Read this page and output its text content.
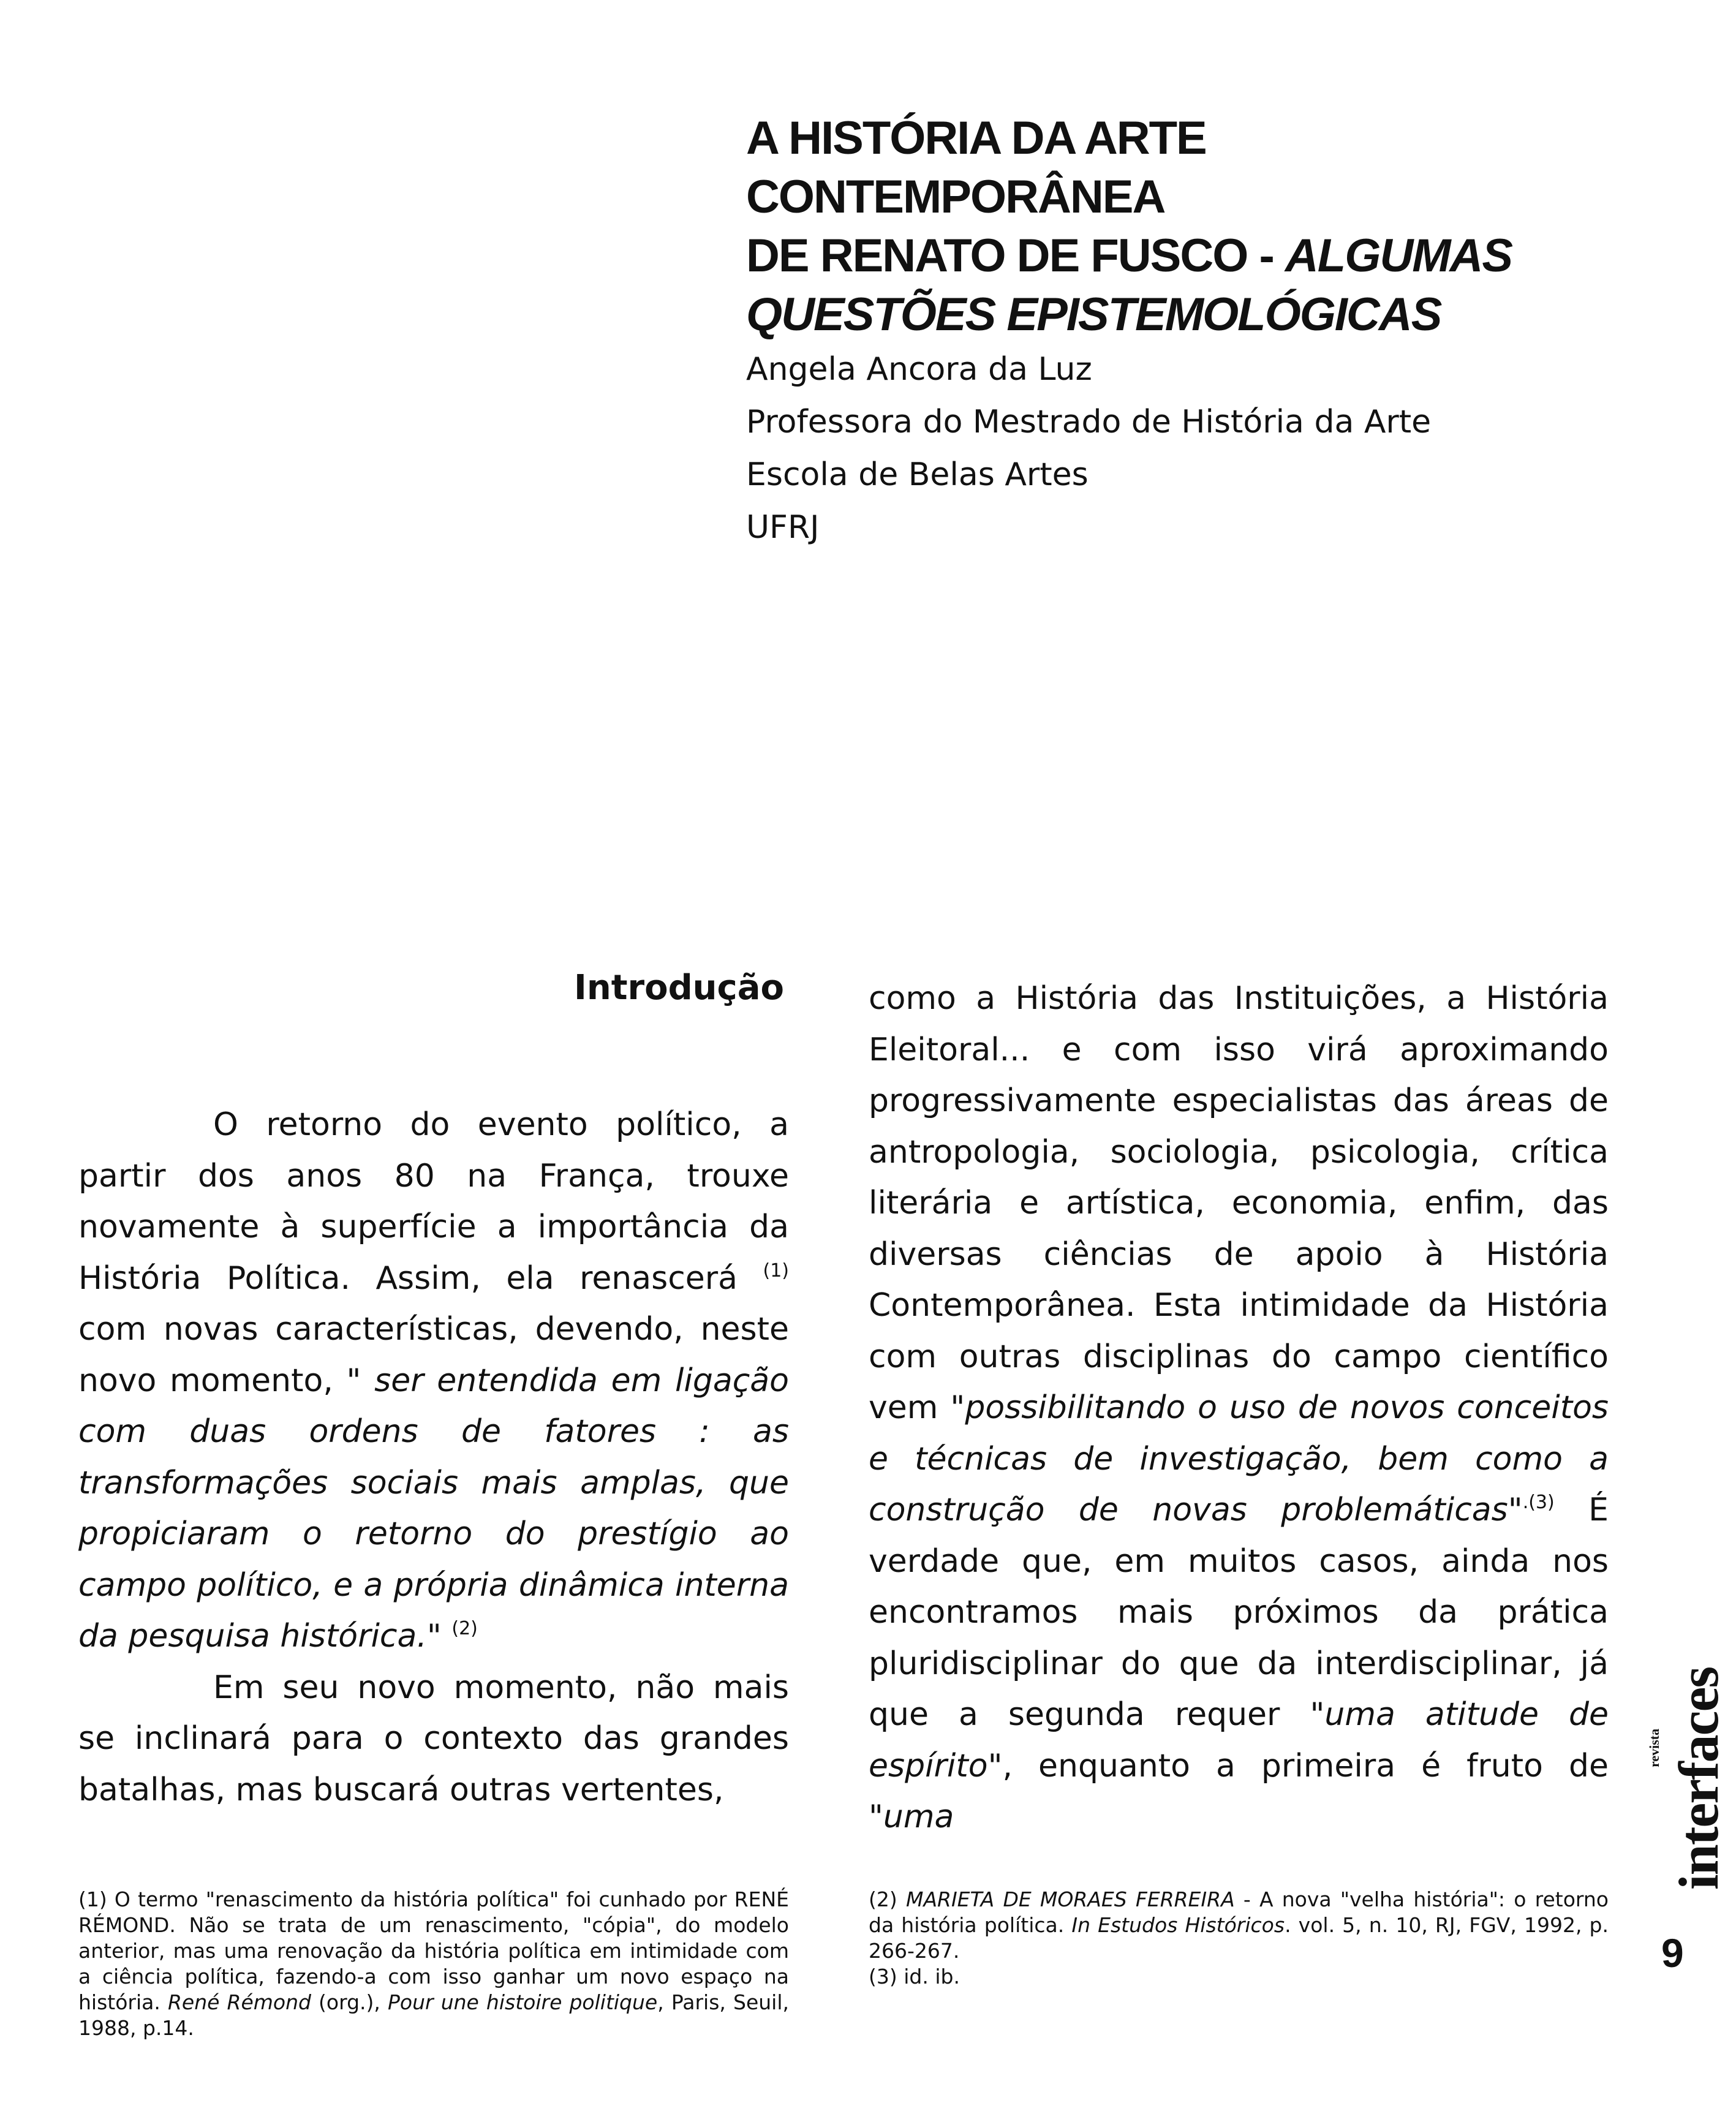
A HISTÓRIA DA ARTE CONTEMPORÂNEA
DE RENATO DE FUSCO - ALGUMAS
QUESTÕES EPISTEMOLÓGICAS
Angela Ancora da Luz
Professora do Mestrado de História da Arte
Escola de Belas Artes
UFRJ
Introdução

O retorno do evento político, a partir dos anos 80 na França, trouxe novamente à superfície a importância da História Política. Assim, ela renascerá $^{(1)}$ com novas características, devendo, neste novo momento, " ser entendida em ligação com duas ordens de fatores : as transformações sociais mais amplas, que propiciaram o retorno do prestígio ao campo político, e a própria dinâmica interna da pesquisa histórica." $^{(2)}$

Em seu novo momento, não mais se inclinará para o contexto das grandes batalhas, mas buscará outras vertentes,

como a História das Instituições, a História Eleitoral... e com isso virá aproximando progressivamente especialistas das áreas de antropologia, sociologia, psicologia, crítica literária e artística, economia, enfim, das diversas ciências de apoio à História Contemporânea. Esta intimidade da História com outras disciplinas do campo científico vem "possibilitando o uso de novos conceitos e técnicas de investigação, bem como a construção de novas problemáticas"$^{.(3)}$ É verdade que, em muitos casos, ainda nos encontramos mais próximos da prática pluridisciplinar do que da interdisciplinar, já que a segunda requer "uma atitude de espírito", enquanto a primeira é fruto de "uma

(1) O termo "renascimento da história política" foi cunhado por RENÉ RÉMOND. Não se trata de um renascimento, "cópia", do modelo anterior, mas uma renovação da história política em intimidade com a ciência política, fazendo-a com isso ganhar um novo espaço na história. René Rémond (org.), Pour une histoire politique, Paris, Seuil, 1988, p.14.

(2) MARIETA DE MORAES FERREIRA - A nova "velha história": o retorno da história política. In Estudos Históricos. vol. 5, n. 10, RJ, FGV, 1992, p. 266-267.

(3) id. ib.

revista interfaces
9
